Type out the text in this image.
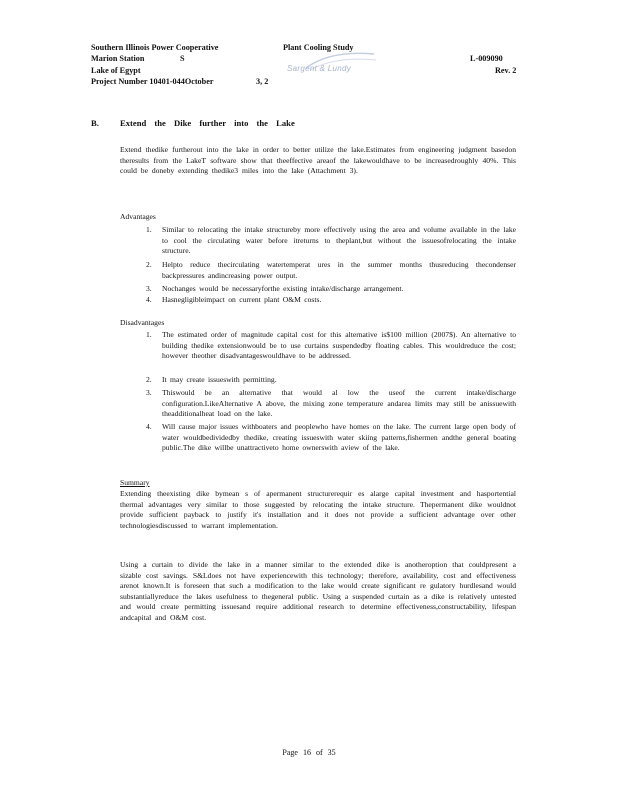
Southern Illinois Power Cooperative	Plant Cooling Study
Marion Station	S	L-009090
Lake of Egypt	Rev. 2
Project Number 10401-044October	3, 2
Sargent & Lundy
B. Extend the Dike further into the Lake
Extend thedike furtherout into the lake in order to better utilize the lake.Estimates from engineering judgment basedon theresults from the LakeT software show that theeffective areaof the lakewouldhave to be increasedroughly 40%. This could be doneby extending thedike3 miles into the lake (Attachment 3).
Advantages
1. Similar to relocating the intake structureby more effectively using the area and volume available in the lake to cool the circulating water before itreturns to theplant,but without the issuesofrelocating the intake structure.
2. Helpto reduce thecirculating watertemperat ures in the summer months thusreducing thecondenser backpressures andincreasing power output.
3. Nochanges would be necessaryforthe existing intake/discharge arrangement.
4. Hasnegligibleimpact on current plant O&M costs.
Disadvantages
1. The estimated order of magnitude capital cost for this alternative is$100 million (2007$). An alternative to building thedike extensionwould be to use curtains suspendedby floating cables. This wouldreduce the cost; however theother disadvantageswouldhave to be addressed.
2. It may create issueswith permitting.
3. Thiswould be an alternative that would al low the useof the current intake/discharge configuration.LikeAlternative A above, the mixing zone temperature andarea limits may still be anissuewith theadditionalheat load on the lake.
4. Will cause major issues withboaters and peoplewho have homes on the lake. The current large open body of water wouldbedividedby thedike, creating issueswith water skiing patterns,fishermen andthe general boating public.The dike willbe unattractiveto home ownerswith aview of the lake.
Summary
Extending theexisting dike bymean s of apermanent structurerequir es alarge capital investment and hasportential thermal advantages very similar to those suggested by relocating the intake structure. Thepermanent dike wouldnot provide sufficient payback to justify it's installation and it does not provide a sufficient advantage over other technologiesdiscussed to warrant implementation.
Using a curtain to divide the lake in a manner similar to the extended dike is anotheroption that couldpresent a sizable cost savings. S&Ldoes not have experiencewith this technology; therefore, availability, cost and effectiveness arenot known.It is foreseen that such a modification to the lake would create significant re gulatory hurdlesand would substantiallyreduce the lakes usefulness to thegeneral public. Using a suspended curtain as a dike is relatively untested and would create permitting issuesand require additional research to determine effectiveness,constructability, lifespan andcapital and O&M cost.
Page 16 of 35
